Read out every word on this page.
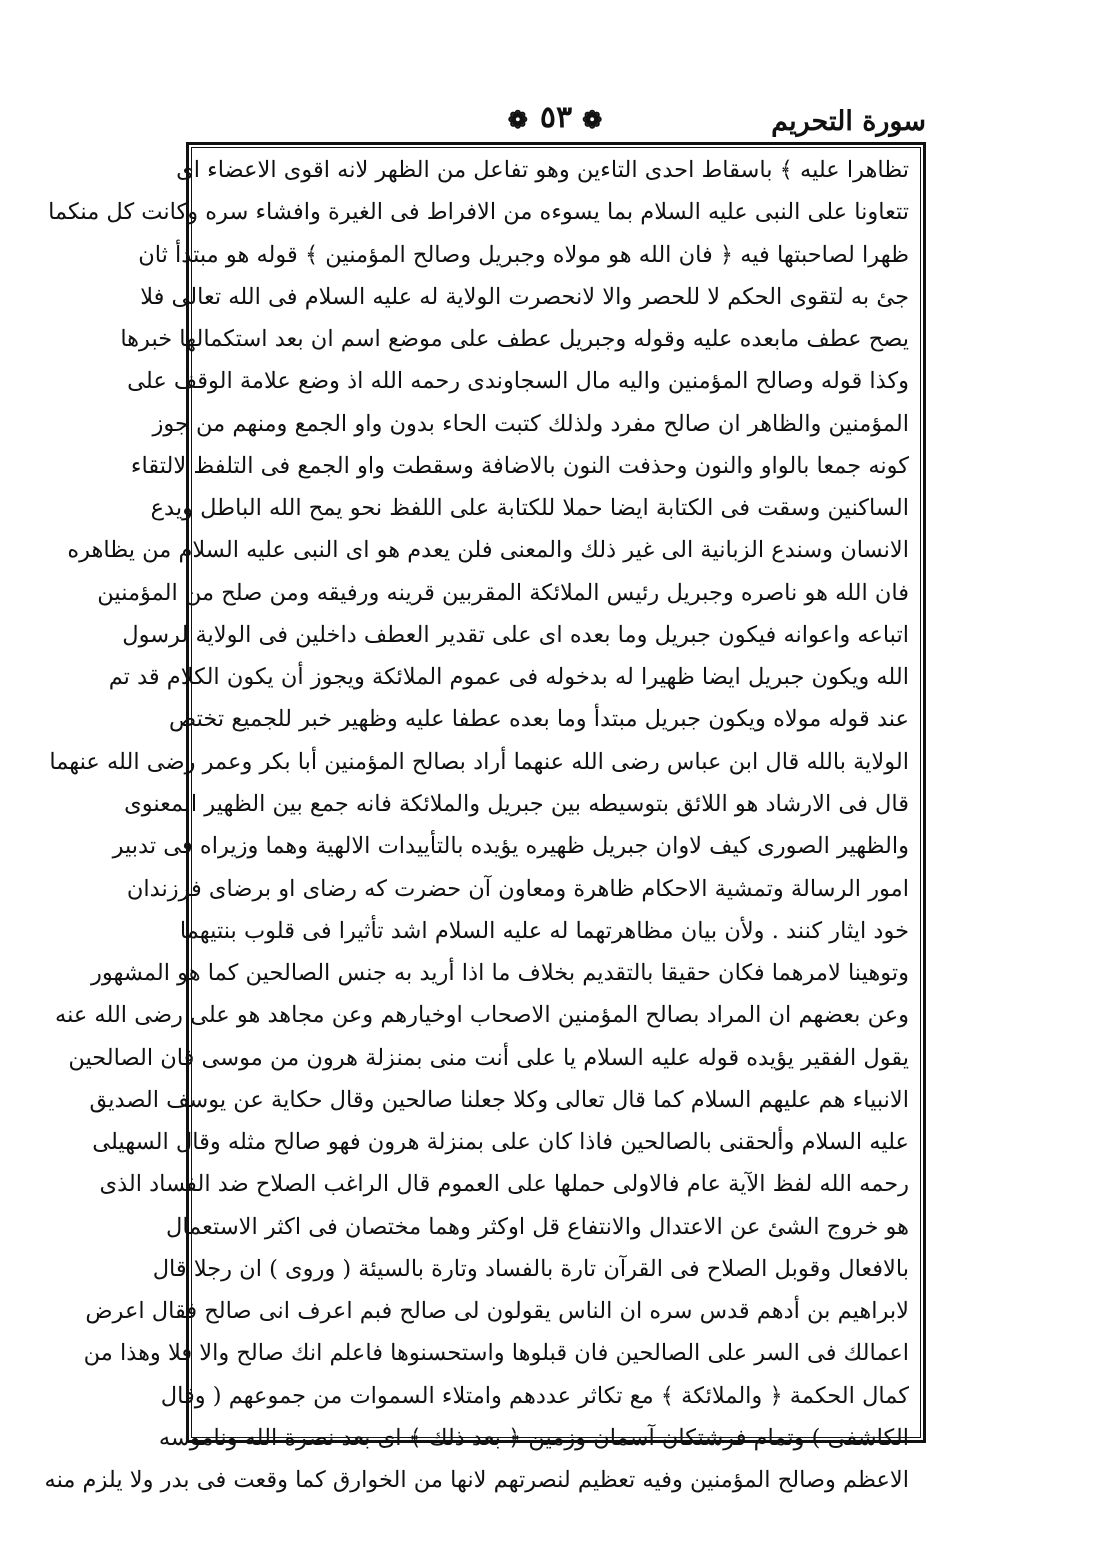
❁ ٥٣ ❁	سورة التحريم
تظاهرا عليه ﴾ باسقاط احدى التاءين وهو تفاعل من الظهر لانه اقوى الاعضاء اى
تتعاونا على النبى عليه السلام بما يسوءه من الافراط فى الغيرة وافشاء سره وكانت كل منكما
ظهرا لصاحبتها فيه ﴿ فان الله هو مولاه وجبريل وصالح المؤمنين ﴾ قوله هو مبتدأ ثان
جئ به لتقوى الحكم لا للحصر والا لانحصرت الولاية له عليه السلام فى الله تعالى فلا
يصح عطف مابعده عليه وقوله وجبريل عطف على موضع اسم ان بعد استكمالها خبرها
وكذا قوله وصالح المؤمنين واليه مال السجاوندى رحمه الله اذ وضع علامة الوقف على
المؤمنين والظاهر ان صالح مفرد ولذلك كتبت الحاء بدون واو الجمع ومنهم من جوز
كونه جمعا بالواو والنون وحذفت النون بالاضافة وسقطت واو الجمع فى التلفظ لالتقاء
الساكنين وسقت فى الكتابة ايضا حملا للكتابة على اللفظ نحو يمح الله الباطل ويدع
الانسان وسندع الزبانية الى غير ذلك والمعنى فلن يعدم هو اى النبى عليه السلام من يظاهره
فان الله هو ناصره وجبريل رئيس الملائكة المقربين قرينه ورفيقه ومن صلح من المؤمنين
اتباعه واعوانه فيكون جبريل وما بعده اى على تقدير العطف داخلين فى الولاية لرسول
الله ويكون جبريل ايضا ظهيرا له بدخوله فى عموم الملائكة ويجوز أن يكون الكلام قد تم
عند قوله مولاه ويكون جبريل مبتدأ وما بعده عطفا عليه وظهير خبر للجميع تختص
الولاية بالله قال ابن عباس رضى الله عنهما أراد بصالح المؤمنين أبا بكر وعمر رضى الله عنهما
قال فى الارشاد هو اللائق بتوسيطه بين جبريل والملائكة فانه جمع بين الظهير المعنوى
والظهير الصورى كيف لاوان جبريل ظهيره يؤيده بالتأييدات الالهية وهما وزيراه فى تدبير
امور الرسالة وتمشية الاحكام ظاهرة ومعاون آن حضرت كه رضاى او برضاى فرزندان
خود ايثار كنند . ولأن بيان مظاهرتهما له عليه السلام اشد تأثيرا فى قلوب بنتيهما
وتوهينا لامرهما فكان حقيقا بالتقديم بخلاف ما اذا أريد به جنس الصالحين كما هو المشهور
وعن بعضهم ان المراد بصالح المؤمنين الاصحاب اوخيارهم وعن مجاهد هو على رضى الله عنه
يقول الفقير يؤيده قوله عليه السلام يا على أنت منى بمنزلة هرون من موسى فان الصالحين
الانبياء هم عليهم السلام كما قال تعالى وكلا جعلنا صالحين وقال حكاية عن يوسف الصديق
عليه السلام وألحقنى بالصالحين فاذا كان على بمنزلة هرون فهو صالح مثله وقال السهيلى
رحمه الله لفظ الآية عام فالاولى حملها على العموم قال الراغب الصلاح ضد الفساد الذى
هو خروج الشئ عن الاعتدال والانتفاع قل اوكثر وهما مختصان فى اكثر الاستعمال
بالافعال وقوبل الصلاح فى القرآن تارة بالفساد وتارة بالسيئة ( وروى ) ان رجلا قال
لابراهيم بن أدهم قدس سره ان الناس يقولون لى صالح فبم اعرف انى صالح فقال اعرض
اعمالك فى السر على الصالحين فان قبلوها واستحسنوها فاعلم انك صالح والا فلا وهذا من
كمال الحكمة ﴿ والملائكة ﴾ مع تكاثر عددهم وامتلاء السموات من جموعهم ( وقال
الكاشفى ) وتمام فرشتكان آسمان وزمين ﴿ بعد ذلك ﴾ اى بعد نصرة الله وناموسه
الاعظم وصالح المؤمنين وفيه تعظيم لنصرتهم لانها من الخوارق كما وقعت فى بدر ولا يلزم منه
